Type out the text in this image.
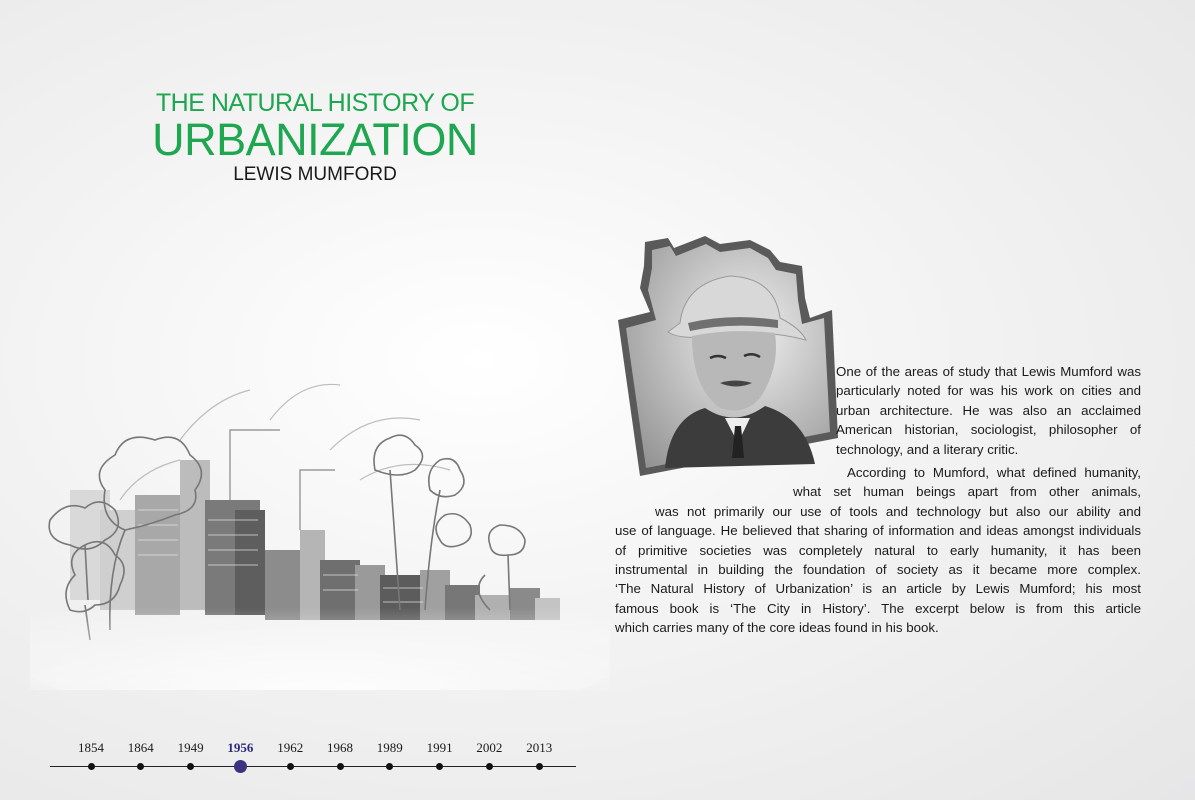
THE NATURAL HISTORY OF
URBANIZATION
LEWIS MUMFORD

One of the areas of study that Lewis Mumford was particularly noted for was his work on cities and urban architecture. He was also an acclaimed American historian, sociologist, philosopher of technology, and a literary critic.

According to Mumford, what defined humanity,
what set human beings apart from other animals,
was not primarily our use of tools and technology but also our ability and
use of language. He believed that sharing of information and ideas amongst individuals
of primitive societies was completely natural to early humanity, it has been
instrumental in building the foundation of society as it became more complex.
‘The Natural History of Urbanization’ is an article by Lewis Mumford; his most
famous book is ‘The City in History’. The excerpt below is from this article
which carries many of the core ideas found in his book.
1854	1864	1949	1956	1962	1968	1989	1991	2002	2013
